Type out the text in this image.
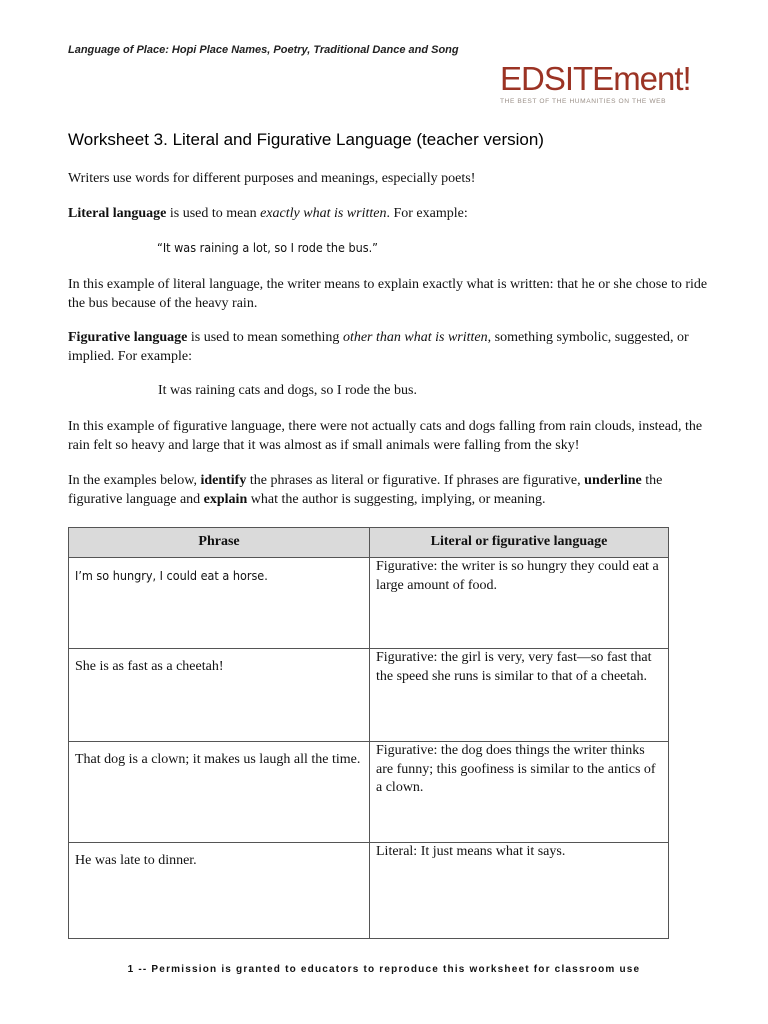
Language of Place: Hopi Place Names, Poetry, Traditional Dance and Song
EDSITEment!
THE BEST OF THE HUMANITIES ON THE WEB
Worksheet 3. Literal and Figurative Language (teacher version)

Writers use words for different purposes and meanings, especially poets!

Literal language is used to mean exactly what is written. For example:

“It was raining a lot, so I rode the bus.”

In this example of literal language, the writer means to explain exactly what is written: that he or she chose to ride the bus because of the heavy rain.

Figurative language is used to mean something other than what is written, something symbolic, suggested, or implied. For example:

It was raining cats and dogs, so I rode the bus.

In this example of figurative language, there were not actually cats and dogs falling from rain clouds, instead, the rain felt so heavy and large that it was almost as if small animals were falling from the sky!

In the examples below, identify the phrases as literal or figurative. If phrases are figurative, underline the figurative language and explain what the author is suggesting, implying, or meaning.

Phrase	Literal or figurative language

I’m so hungry, I could eat a horse.	Figurative: the writer is so hungry they could eat a large amount of food.

She is as fast as a cheetah!	Figurative: the girl is very, very fast—so fast that the speed she runs is similar to that of a cheetah.

That dog is a clown; it makes us laugh all the time.	Figurative: the dog does things the writer thinks are funny; this goofiness is similar to the antics of a clown.

He was late to dinner.	Literal: It just means what it says.
1 -- Permission is granted to educators to reproduce this worksheet for classroom use
